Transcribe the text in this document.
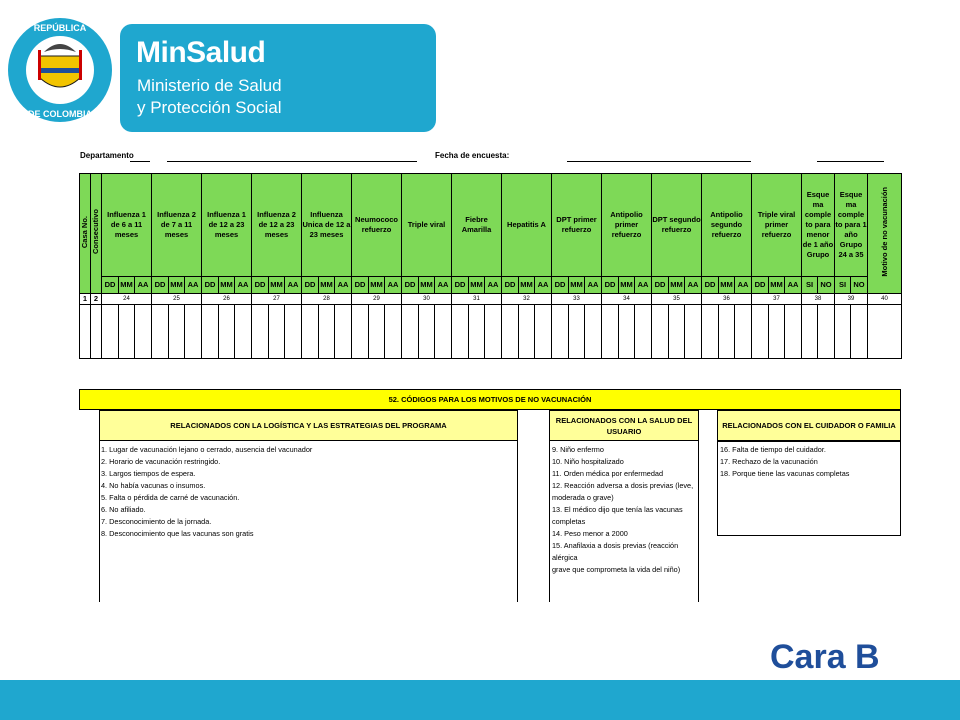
REPÚBLICA
DE COLOMBIA
MinSalud
Ministerio de Salud
y Protección Social
Departamento	Fecha de encuesta:
Casa No.	Consecutivo	Influenza 1 de 6 a 11 meses			Influenza 2 de 7 a 11 meses			Influenza 1 de 12 a 23 meses			Influenza 2 de 12 a 23 meses			Influenza Unica de 12 a 23 meses			Neumococo refuerzo			Triple viral			Fiebre Amarilla			Hepatitis A			DPT primer refuerzo			Antipolio primer refuerzo			DPT segundo refuerzo			Antipolio segundo refuerzo			Triple viral primer refuerzo			Esque ma comple to para menor de 1 año Grupo		Esque ma comple to para 1 año Grupo 24 a 35		Motivo de no vacunación
		DD	MM	AA	DD	MM	AA	DD	MM	AA	DD	MM	AA	DD	MM	AA	DD	MM	AA	DD	MM	AA	DD	MM	AA	DD	MM	AA	DD	MM	AA	DD	MM	AA	DD	MM	AA	DD	MM	AA	DD	MM	AA	SI	NO	SI	NO	
1	2	24			25			26			27			28			29			30			31			32			33			34			35			36			37			38		39		40

52. CÓDIGOS PARA LOS MOTIVOS DE NO VACUNACIÓN
RELACIONADOS CON LA LOGÍSTICA Y LAS ESTRATEGIAS DEL PROGRAMA
1. Lugar de vacunación lejano o cerrado, ausencia del vacunador
2. Horario de vacunación restringido.
3. Largos tiempos de espera.
4. No había vacunas o insumos.
5. Falta o pérdida de carné de vacunación.
6. No afiliado.
7. Desconocimiento de la jornada.
8. Desconocimiento que las vacunas son gratis
RELACIONADOS CON LA SALUD DEL USUARIO
9. Niño enfermo
10. Niño hospitalizado
11. Orden médica por enfermedad
12. Reacción adversa a dosis previas (leve,
moderada o grave)
13. El médico dijo que tenía las vacunas
completas
14. Peso menor a 2000
15. Anafilaxia a dosis previas (reacción alérgica
grave que comprometa la vida del niño)
RELACIONADOS CON EL CUIDADOR O FAMILIA
16. Falta de tiempo del cuidador.
17. Rechazo de la vacunación
18. Porque tiene las vacunas completas
Cara B
